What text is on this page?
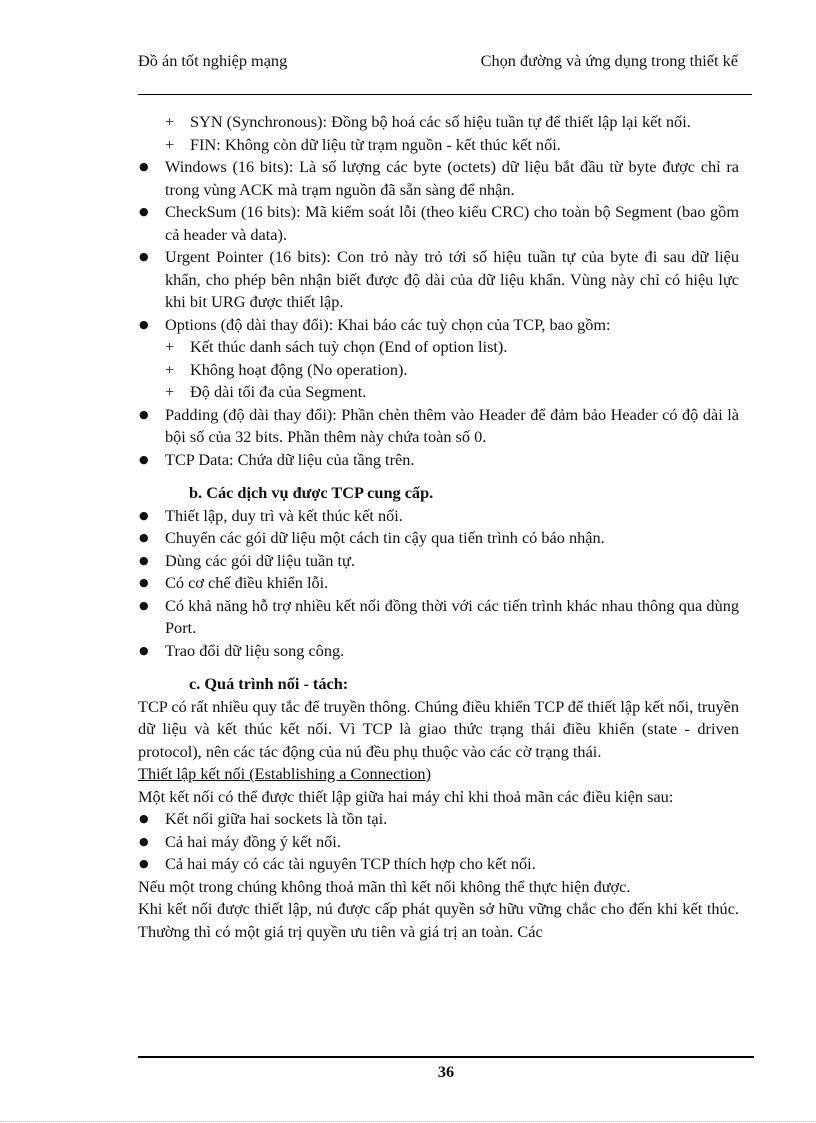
Đồ án tốt nghiệp mạng	Chọn đường và ứng dụng trong thiết kế
+ SYN (Synchronous): Đồng bộ hoá các số hiệu tuần tự để thiết lập lại kết nối.
+ FIN: Không còn dữ liệu từ trạm nguồn - kết thúc kết nối.
● Windows (16 bits): Là số lượng các byte (octets) dữ liệu bắt đầu từ byte được chỉ ra trong vùng ACK mà trạm nguồn đã sẵn sàng để nhận.
● CheckSum (16 bits): Mã kiểm soát lỗi (theo kiểu CRC) cho toàn bộ Segment (bao gồm cả header và data).
● Urgent Pointer (16 bits): Con trỏ này trỏ tới số hiệu tuần tự của byte đi sau dữ liệu khẩn, cho phép bên nhận biết được độ dài của dữ liệu khẩn. Vùng này chỉ có hiệu lực khi bit URG được thiết lập.
● Options (độ dài thay đổi): Khai báo các tuỳ chọn của TCP, bao gồm:
+ Kết thúc danh sách tuỳ chọn (End of option list).
+ Không hoạt động (No operation).
+ Độ dài tối đa của Segment.
● Padding (độ dài thay đổi): Phần chèn thêm vào Header để đảm bảo Header có độ dài là bội số của 32 bits. Phần thêm này chứa toàn số 0.
● TCP Data: Chứa dữ liệu của tầng trên.
b. Các dịch vụ được TCP cung cấp.
● Thiết lập, duy trì và kết thúc kết nối.
● Chuyển các gói dữ liệu một cách tin cậy qua tiến trình có báo nhận.
● Dùng các gói dữ liệu tuần tự.
● Có cơ chế điều khiển lỗi.
● Có khả năng hỗ trợ nhiều kết nối đồng thời với các tiến trình khác nhau thông qua dùng Port.
● Trao đổi dữ liệu song công.
c. Quá trình nối - tách:
TCP có rất nhiều quy tắc để truyền thông. Chúng điều khiển TCP để thiết lập kết nối, truyền dữ liệu và kết thúc kết nối. Vì TCP là giao thức trạng thái điều khiển (state - driven protocol), nên các tác động của nú đều phụ thuộc vào các cờ trạng thái.
Thiết lập kết nối (Establishing a Connection)
Một kết nối có thể được thiết lập giữa hai máy chỉ khi thoả mãn các điều kiện sau:
● Kết nối giữa hai sockets là tồn tại.
● Cả hai máy đồng ý kết nối.
● Cả hai máy có các tài nguyên TCP thích hợp cho kết nối.
Nếu một trong chúng không thoả mãn thì kết nối không thể thực hiện được.
Khi kết nối được thiết lập, nú được cấp phát quyền sở hữu vững chắc cho đến khi kết thúc. Thường thì có một giá trị quyền ưu tiên và giá trị an toàn. Các
36
